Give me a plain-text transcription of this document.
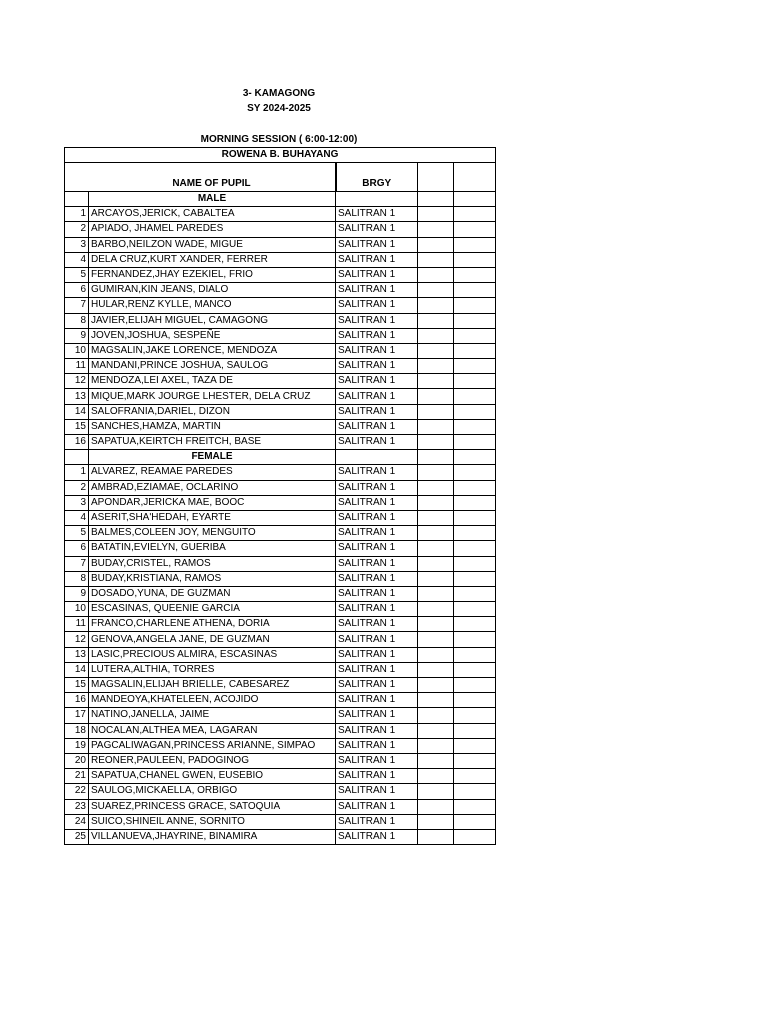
3- KAMAGONG
SY 2024-2025
MORNING SESSION ( 6:00-12:00)
ROWENA B. BUHAYANG				
	NAME OF PUPIL	BRGY		
	MALE			
1	ARCAYOS,JERICK, CABALTEA	SALITRAN 1		
2	APIADO, JHAMEL PAREDES	SALITRAN 1		
3	BARBO,NEILZON WADE, MIGUE	SALITRAN 1		
4	DELA CRUZ,KURT XANDER, FERRER	SALITRAN 1		
5	FERNANDEZ,JHAY EZEKIEL, FRIO	SALITRAN 1		
6	GUMIRAN,KIN JEANS, DIALO	SALITRAN 1		
7	HULAR,RENZ KYLLE, MANCO	SALITRAN 1		
8	JAVIER,ELIJAH MIGUEL, CAMAGONG	SALITRAN 1		
9	JOVEN,JOSHUA, SESPEÑE	SALITRAN 1		
10	MAGSALIN,JAKE LORENCE, MENDOZA	SALITRAN 1		
11	MANDANI,PRINCE JOSHUA, SAULOG	SALITRAN 1		
12	MENDOZA,LEI AXEL, TAZA DE	SALITRAN 1		
13	MIQUE,MARK JOURGE LHESTER, DELA CRUZ	SALITRAN 1		
14	SALOFRANIA,DARIEL, DIZON	SALITRAN 1		
15	SANCHES,HAMZA, MARTIN	SALITRAN 1		
16	SAPATUA,KEIRTCH FREITCH, BASE	SALITRAN 1		
	FEMALE			
1	ALVAREZ, REAMAE PAREDES	SALITRAN 1		
2	AMBRAD,EZIAMAE, OCLARINO	SALITRAN 1		
3	APONDAR,JERICKA MAE, BOOC	SALITRAN 1		
4	ASERIT,SHA'HEDAH, EYARTE	SALITRAN 1		
5	BALMES,COLEEN JOY, MENGUITO	SALITRAN 1		
6	BATATIN,EVIELYN, GUERIBA	SALITRAN 1		
7	BUDAY,CRISTEL, RAMOS	SALITRAN 1		
8	BUDAY,KRISTIANA, RAMOS	SALITRAN 1		
9	DOSADO,YUNA, DE GUZMAN	SALITRAN 1		
10	ESCASINAS, QUEENIE GARCIA	SALITRAN 1		
11	FRANCO,CHARLENE ATHENA, DORIA	SALITRAN 1		
12	GENOVA,ANGELA JANE, DE GUZMAN	SALITRAN 1		
13	LASIC,PRECIOUS ALMIRA, ESCASINAS	SALITRAN 1		
14	LUTERA,ALTHIA, TORRES	SALITRAN 1		
15	MAGSALIN,ELIJAH BRIELLE, CABESAREZ	SALITRAN 1		
16	MANDEOYA,KHATELEEN, ACOJIDO	SALITRAN 1		
17	NATINO,JANELLA, JAIME	SALITRAN 1		
18	NOCALAN,ALTHEA MEA, LAGARAN	SALITRAN 1		
19	PAGCALIWAGAN,PRINCESS ARIANNE, SIMPAO	SALITRAN 1		
20	REONER,PAULEEN, PADOGINOG	SALITRAN 1		
21	SAPATUA,CHANEL GWEN, EUSEBIO	SALITRAN 1		
22	SAULOG,MICKAELLA, ORBIGO	SALITRAN 1		
23	SUAREZ,PRINCESS GRACE, SATOQUIA	SALITRAN 1		
24	SUICO,SHINEIL ANNE, SORNITO	SALITRAN 1		
25	VILLANUEVA,JHAYRINE, BINAMIRA	SALITRAN 1		
